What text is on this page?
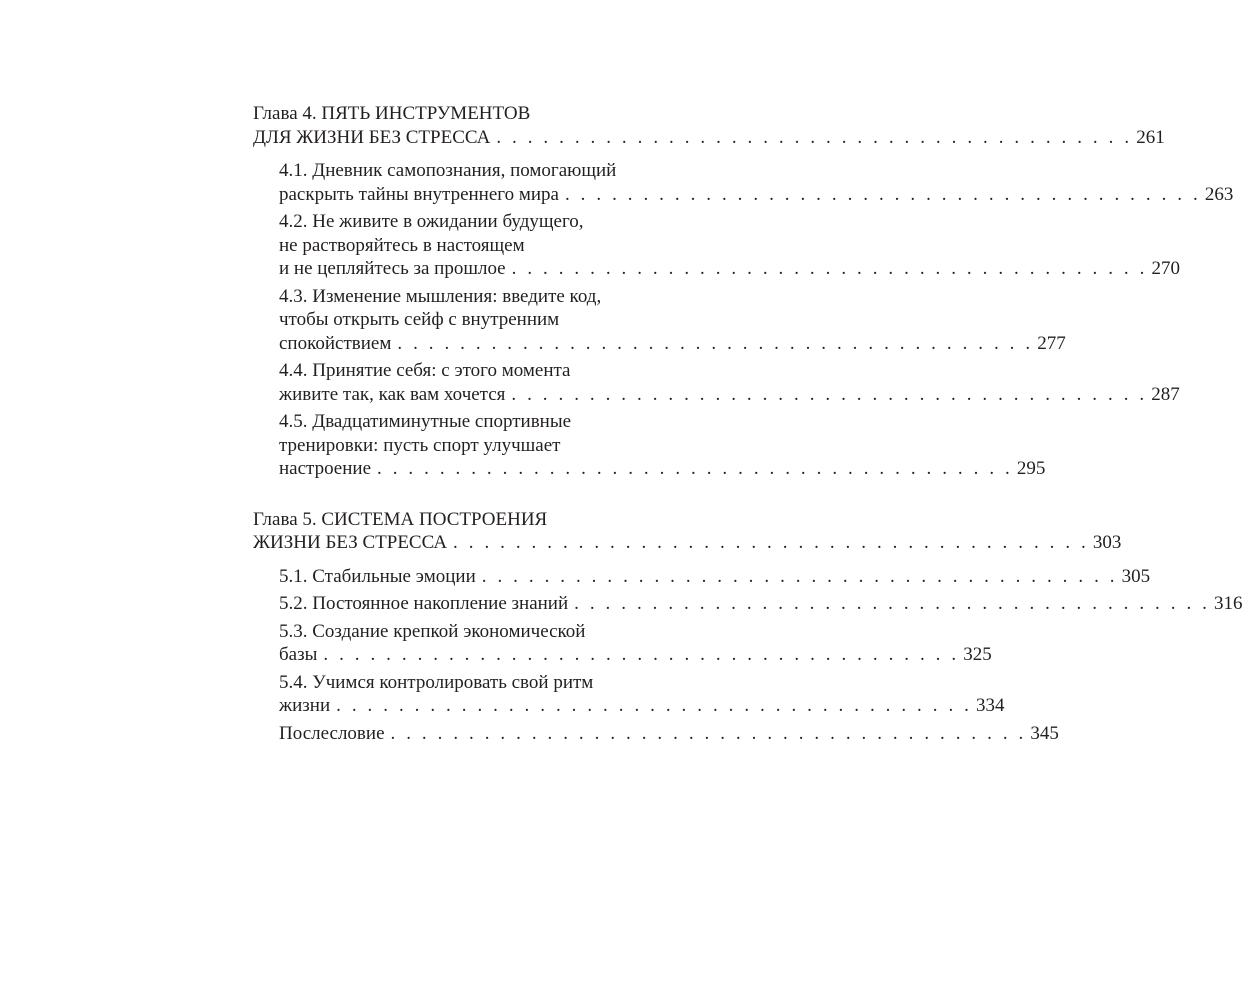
Глава 4. ПЯТЬ ИНСТРУМЕНТОВ
ДЛЯ ЖИЗНИ БЕЗ СТРЕССА . . . . . . . . . . . . . . . . . . . . . . . . . . . . . . . . . . . . . . . . . 261
4.1. Дневник самопознания, помогающий
раскрыть тайны внутреннего мира . . . . . . . . . . . . . . . . . . . . . . . . . . . . . . . . . . . . . . . . . 263
4.2. Не живите в ожидании будущего,
не растворяйтесь в настоящем
и не цепляйтесь за прошлое . . . . . . . . . . . . . . . . . . . . . . . . . . . . . . . . . . . . . . . . . 270
4.3. Изменение мышления: введите код,
чтобы открыть сейф с внутренним
спокойствием . . . . . . . . . . . . . . . . . . . . . . . . . . . . . . . . . . . . . . . . . 277
4.4. Принятие себя: с этого момента
живите так, как вам хочется . . . . . . . . . . . . . . . . . . . . . . . . . . . . . . . . . . . . . . . . . 287
4.5. Двадцатиминутные спортивные
тренировки: пусть спорт улучшает
настроение . . . . . . . . . . . . . . . . . . . . . . . . . . . . . . . . . . . . . . . . . 295
Глава 5. СИСТЕМА ПОСТРОЕНИЯ
ЖИЗНИ БЕЗ СТРЕССА . . . . . . . . . . . . . . . . . . . . . . . . . . . . . . . . . . . . . . . . . 303
5.1. Стабильные эмоции . . . . . . . . . . . . . . . . . . . . . . . . . . . . . . . . . . . . . . . . . 305
5.2. Постоянное накопление знаний . . . . . . . . . . . . . . . . . . . . . . . . . . . . . . . . . . . . . . . . . 316
5.3. Создание крепкой экономической
базы . . . . . . . . . . . . . . . . . . . . . . . . . . . . . . . . . . . . . . . . . 325
5.4. Учимся контролировать свой ритм
жизни . . . . . . . . . . . . . . . . . . . . . . . . . . . . . . . . . . . . . . . . . 334
Послесловие . . . . . . . . . . . . . . . . . . . . . . . . . . . . . . . . . . . . . . . . . 345
